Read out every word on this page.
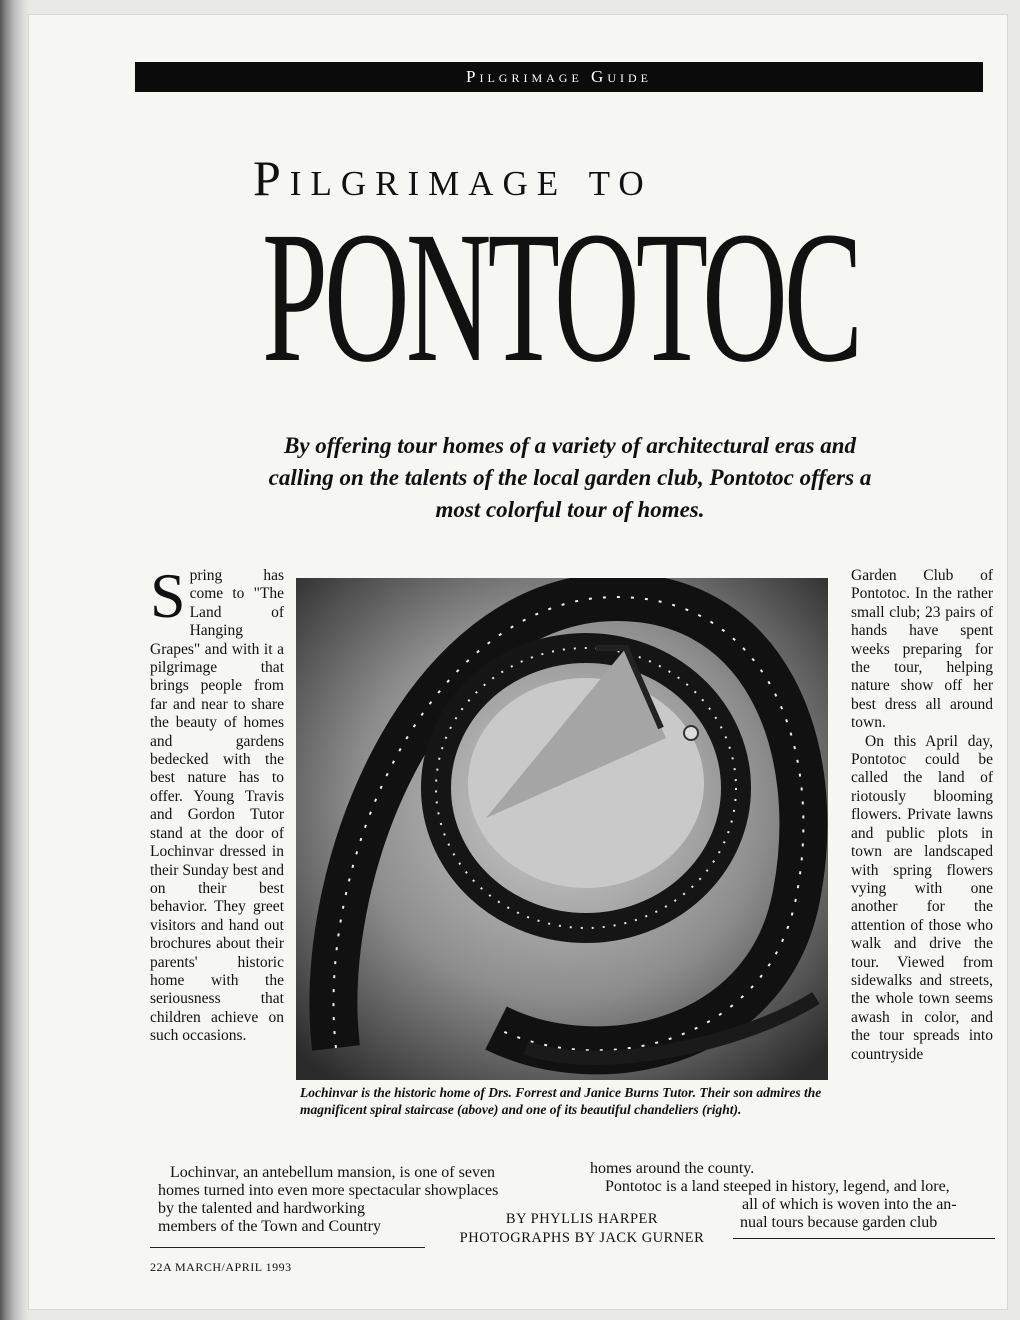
Pilgrimage Guide
Pilgrimage to
PONTOTOC
By offering tour homes of a variety of architectural eras and calling on the talents of the local garden club, Pontotoc offers a most colorful tour of homes.
Spring has come to "The Land of Hanging Grapes" and with it a pilgrimage that brings people from far and near to share the beauty of homes and gardens bedecked with the best nature has to offer. Young Travis and Gordon Tutor stand at the door of Lochinvar dressed in their Sunday best and on their best behavior. They greet visitors and hand out brochures about their parents' historic home with the seriousness that children achieve on such occasions.

Garden Club of Pontotoc. In the rather small club; 23 pairs of hands have spent weeks preparing for the tour, helping nature show off her best dress all around town.

On this April day, Pontotoc could be called the land of riotously blooming flowers. Private lawns and public plots in town are landscaped with spring flowers vying with one another for the attention of those who walk and drive the tour. Viewed from sidewalks and streets, the whole town seems awash in color, and the tour spreads into countryside

Lochinvar is the historic home of Drs. Forrest and Janice Burns Tutor. Their son admires the magnificent spiral staircase (above) and one of its beautiful chandeliers (right).
Lochinvar, an antebellum mansion, is one of seven
homes turned into even more spectacular showplaces
by the talented and hardworking
members of the Town and Country
homes around the county.
Pontotoc is a land steeped in history, legend, and lore,
all of which is woven into the an-
nual tours because garden club
BY PHYLLIS HARPER
PHOTOGRAPHS BY JACK GURNER
22A MARCH/APRIL 1993
